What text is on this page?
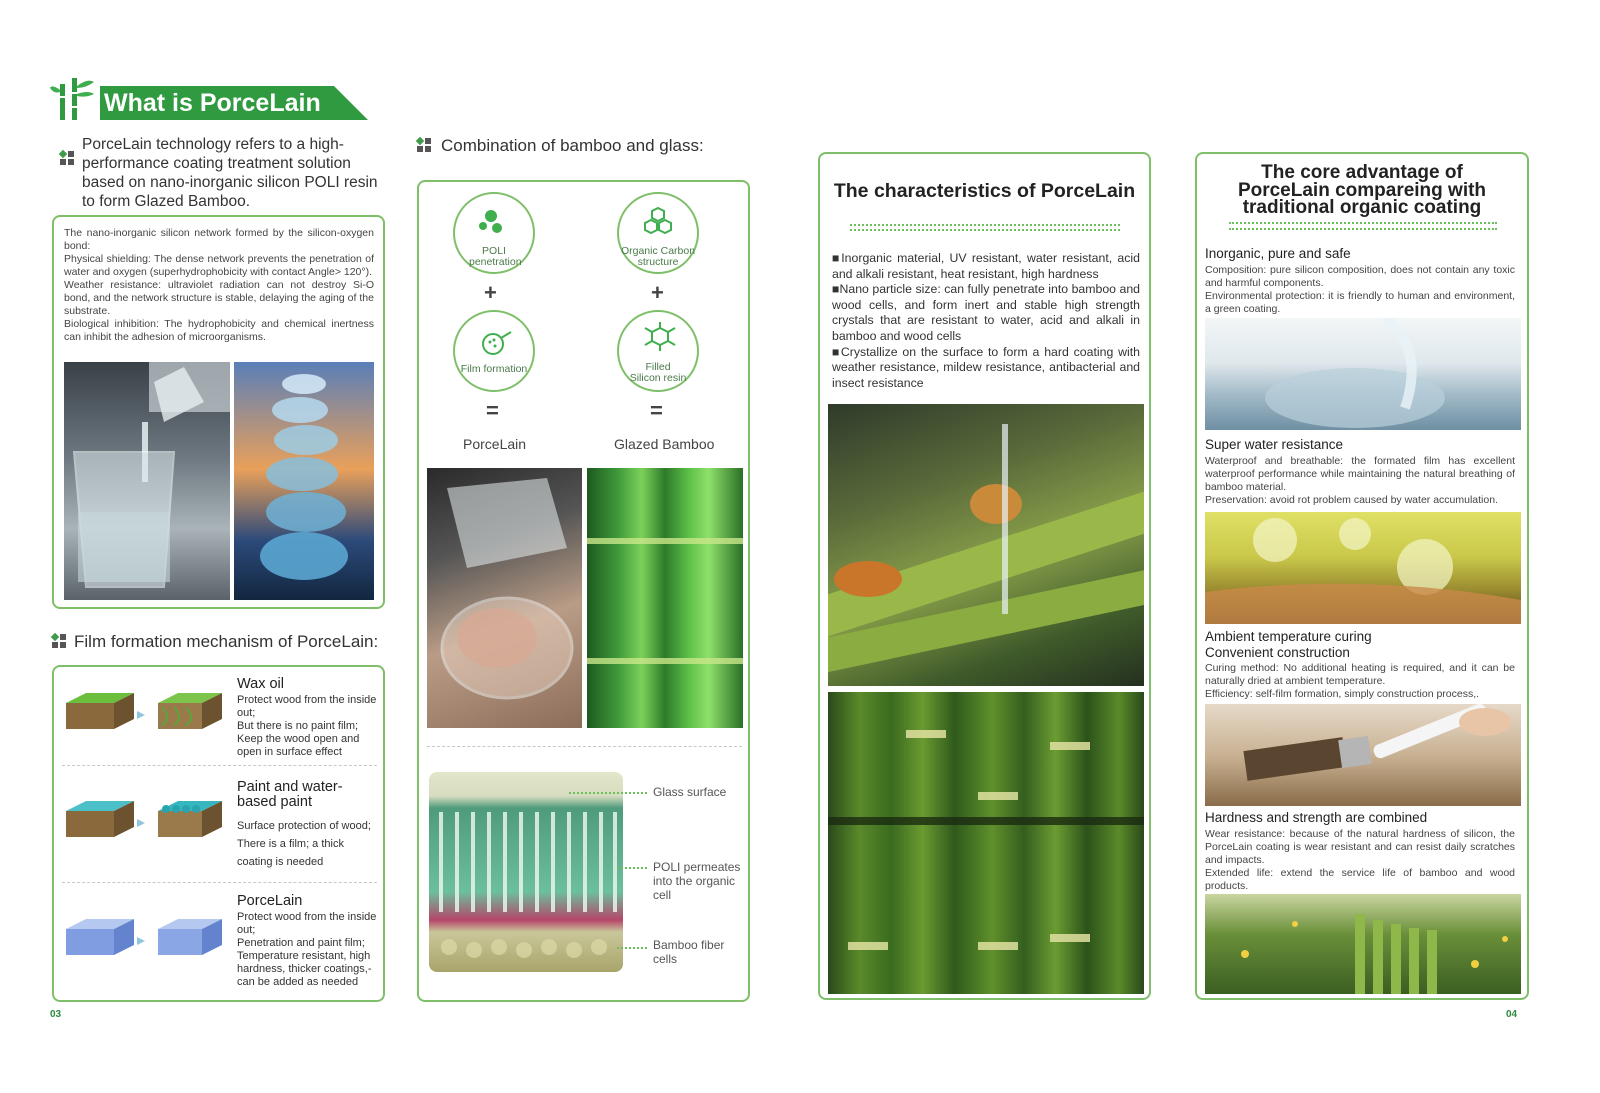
What is PorceLain
PorceLain technology refers to a high-performance coating treatment solution based on nano-inorganic silicon POLI resin to form Glazed Bamboo.
The nano-inorganic silicon network formed by the silicon-oxygen bond:
Physical shielding: The dense network prevents the penetration of water and oxygen (superhydrophobicity with contact Angle> 120°).
Weather resistance: ultraviolet radiation can not destroy Si-O bond, and the network structure is stable, delaying the aging of the substrate.
Biological inhibition: The hydrophobicity and chemical inertness can inhibit the adhesion of microorganisms.
Film formation mechanism of PorceLain:
Wax oil
Protect wood from the inside out;
But there is no paint film;
Keep the wood open and open in surface effect
Paint and water-based paint
Surface protection of wood;
There is a film; a thick coating is needed
PorceLain
Protect wood from the inside out;
Penetration and paint film;
Temperature resistant, high hardness, thicker coatings,-can be added as needed
03
Combination of bamboo and glass:
POLI penetration
Organic Carbon structure
+	+
Film formation	Filled Silicon resin
=	=
PorceLain	Glazed Bamboo
Glass surface
POLI permeates into the organic cell
Bamboo fiber cells
The characteristics of PorceLain
■Inorganic material, UV resistant, water resistant, acid and alkali resistant, heat resistant, high hardness
■Nano particle size: can fully penetrate into bamboo and wood cells, and form inert and stable high strength crystals that are resistant to water, acid and alkali in bamboo and wood cells
■Crystallize on the surface to form a hard coating with weather resistance, mildew resistance, antibacterial and insect resistance
The core advantage of PorceLain compareing with traditional organic coating
Inorganic, pure and safe
Composition: pure silicon composition, does not contain any toxic and harmful components.
Environmental protection: it is friendly to human and environment, a green coating.
Super water resistance
Waterproof and breathable: the formated film has excellent waterproof performance while maintaining the natural breathing of bamboo material.
Preservation: avoid rot problem caused by water accumulation.
Ambient temperature curing
Convenient construction
Curing method: No additional heating is required, and it can be naturally dried at ambient temperature.
Efficiency: self-film formation, simply construction process,.
Hardness and strength are combined
Wear resistance: because of the natural hardness of silicon, the PorceLain coating is wear resistant and can resist daily scratches and impacts.
Extended life: extend the service life of bamboo and wood products.
04
